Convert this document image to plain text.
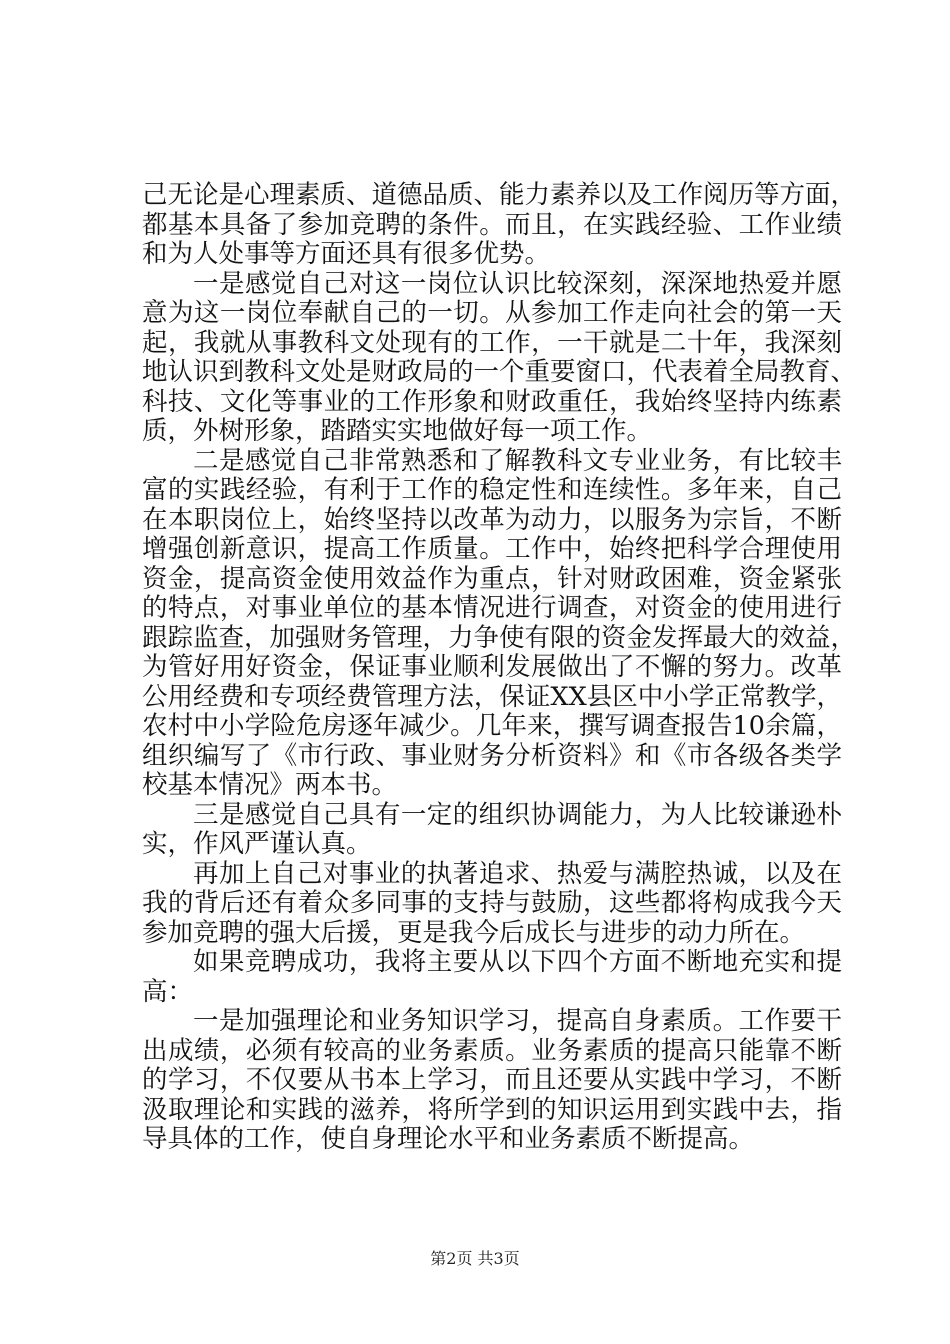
己无论是心理素质、道德品质、能力素养以及工作阅历等方面，
都基本具备了参加竞聘的条件。而且，在实践经验、工作业绩
和为人处事等方面还具有很多优势。
一是感觉自己对这一岗位认识比较深刻，深深地热爱并愿
意为这一岗位奉献自己的一切。从参加工作走向社会的第一天
起，我就从事教科文处现有的工作，一干就是二十年，我深刻
地认识到教科文处是财政局的一个重要窗口，代表着全局教育、
科技、文化等事业的工作形象和财政重任，我始终坚持内练素
质，外树形象，踏踏实实地做好每一项工作。
二是感觉自己非常熟悉和了解教科文专业业务，有比较丰
富的实践经验，有利于工作的稳定性和连续性。多年来，自己
在本职岗位上，始终坚持以改革为动力，以服务为宗旨，不断
增强创新意识，提高工作质量。工作中，始终把科学合理使用
资金，提高资金使用效益作为重点，针对财政困难，资金紧张
的特点，对事业单位的基本情况进行调查，对资金的使用进行
跟踪监查，加强财务管理，力争使有限的资金发挥最大的效益，
为管好用好资金，保证事业顺利发展做出了不懈的努力。改革
公用经费和专项经费管理方法，保证XX县区中小学正常教学，
农村中小学险危房逐年减少。几年来，撰写调查报告10余篇，
组织编写了《市行政、事业财务分析资料》和《市各级各类学
校基本情况》两本书。
三是感觉自己具有一定的组织协调能力，为人比较谦逊朴
实，作风严谨认真。
再加上自己对事业的执著追求、热爱与满腔热诚，以及在
我的背后还有着众多同事的支持与鼓励，这些都将构成我今天
参加竞聘的强大后援，更是我今后成长与进步的动力所在。
如果竞聘成功，我将主要从以下四个方面不断地充实和提
高：
一是加强理论和业务知识学习，提高自身素质。工作要干
出成绩，必须有较高的业务素质。业务素质的提高只能靠不断
的学习，不仅要从书本上学习，而且还要从实践中学习，不断
汲取理论和实践的滋养，将所学到的知识运用到实践中去，指
导具体的工作，使自身理论水平和业务素质不断提高。
第2页 共3页
